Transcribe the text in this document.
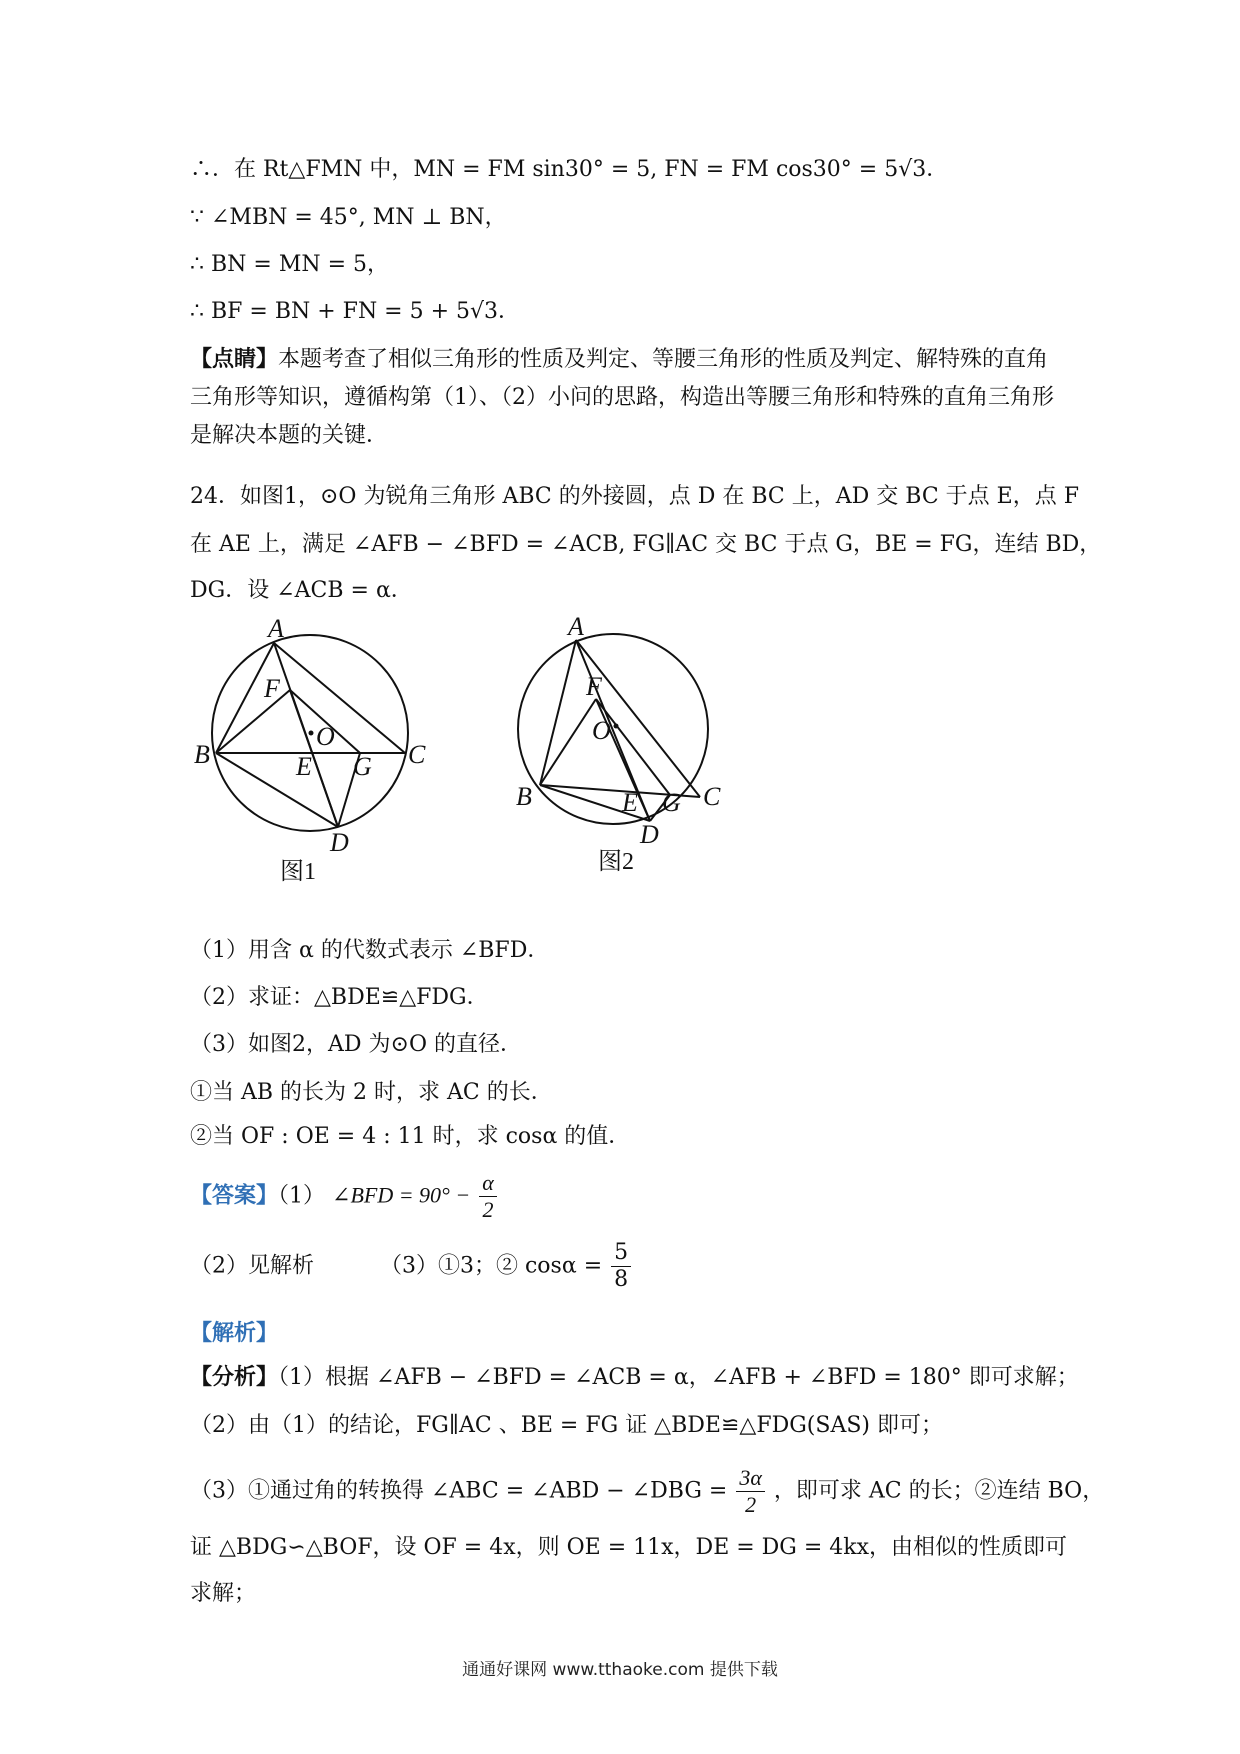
∴．在 Rt△FMN 中，MN = FM sin30° = 5, FN = FM cos30° = 5√3．
∵ ∠MBN = 45°, MN ⊥ BN，
∴ BN = MN = 5，
∴ BF = BN + FN = 5 + 5√3．
【点睛】本题考查了相似三角形的性质及判定、等腰三角形的性质及判定、解特殊的直角三角形等知识，遵循构第（1）、（2）小问的思路，构造出等腰三角形和特殊的直角三角形是解决本题的关键．
24．如图1，⊙O 为锐角三角形 ABC 的外接圆，点 D 在 BC 上，AD 交 BC 于点 E，点 F
在 AE 上，满足 ∠AFB − ∠BFD = ∠ACB, FG∥AC 交 BC 于点 G，BE = FG，连结 BD，
DG．设 ∠ACB = α．
A
B	C
D
E
F
G
O
图1
A
B	C
D
E
F
G
O
图2
（1）用含 α 的代数式表示 ∠BFD．
（2）求证：△BDE≌△FDG．
（3）如图2，AD 为⊙O 的直径．
①当 AB 的长为 2 时，求 AC 的长．
②当 OF : OE = 4 : 11 时，求 cosα 的值．
【答案】（1） ∠BFD = $90^\circ - \frac{\alpha}{2}$
（2）见解析	（3）①3；② $\cos\alpha = \frac{5}{8}$
【解析】
【分析】（1）根据 ∠AFB − ∠BFD = ∠ACB = α，∠AFB + ∠BFD = 180° 即可求解；
（2）由（1）的结论，FG∥AC 、BE = FG 证 △BDE≌△FDG(SAS) 即可；
（3）①通过角的转换得 ∠ABC = ∠ABD − ∠DBG = $\frac{3\alpha}{2}$ ，即可求 AC 的长；②连结 BO，
证 △BDG∽△BOF，设 OF = 4x，则 OE = 11x，DE = DG = 4kx，由相似的性质即可
求解；
通通好课网 www.tthaoke.com 提供下载
